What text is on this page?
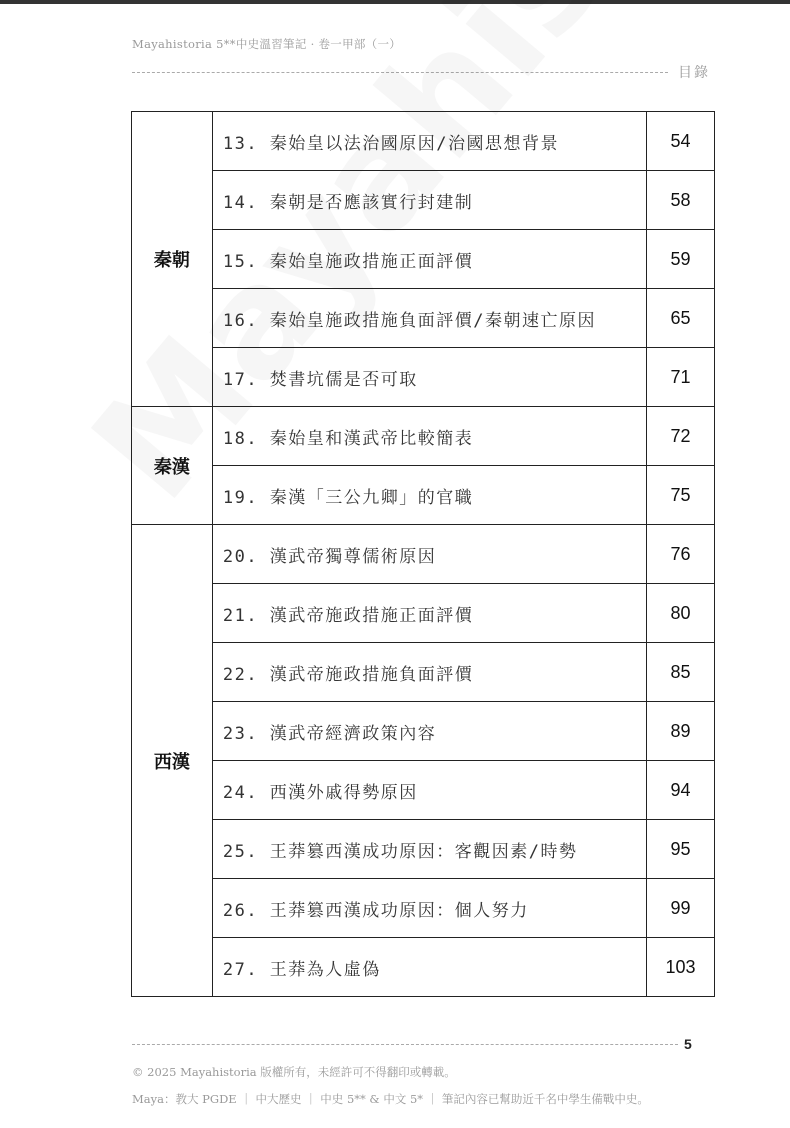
Mayahistoria 5**中史溫習筆記 · 卷一甲部（一）
目錄
秦朝	13. 秦始皇以法治國原因/治國思想背景	54
	14. 秦朝是否應該實行封建制	58
	15. 秦始皇施政措施正面評價	59
	16. 秦始皇施政措施負面評價/秦朝速亡原因	65
	17. 焚書坑儒是否可取	71
秦漢	18. 秦始皇和漢武帝比較簡表	72
	19. 秦漢「三公九卿」的官職	75
西漢	20. 漢武帝獨尊儒術原因	76
	21. 漢武帝施政措施正面評價	80
	22. 漢武帝施政措施負面評價	85
	23. 漢武帝經濟政策內容	89
	24. 西漢外戚得勢原因	94
	25. 王莽篡西漢成功原因：客觀因素/時勢	95
	26. 王莽篡西漢成功原因：個人努力	99
	27. 王莽為人虛偽	103
5
© 2025 Mayahistoria 版權所有，未經許可不得翻印或轉載。
Maya：教大 PGDE ｜ 中大歷史 ｜ 中史 5** & 中文 5* ｜ 筆記內容已幫助近千名中學生備戰中史。
